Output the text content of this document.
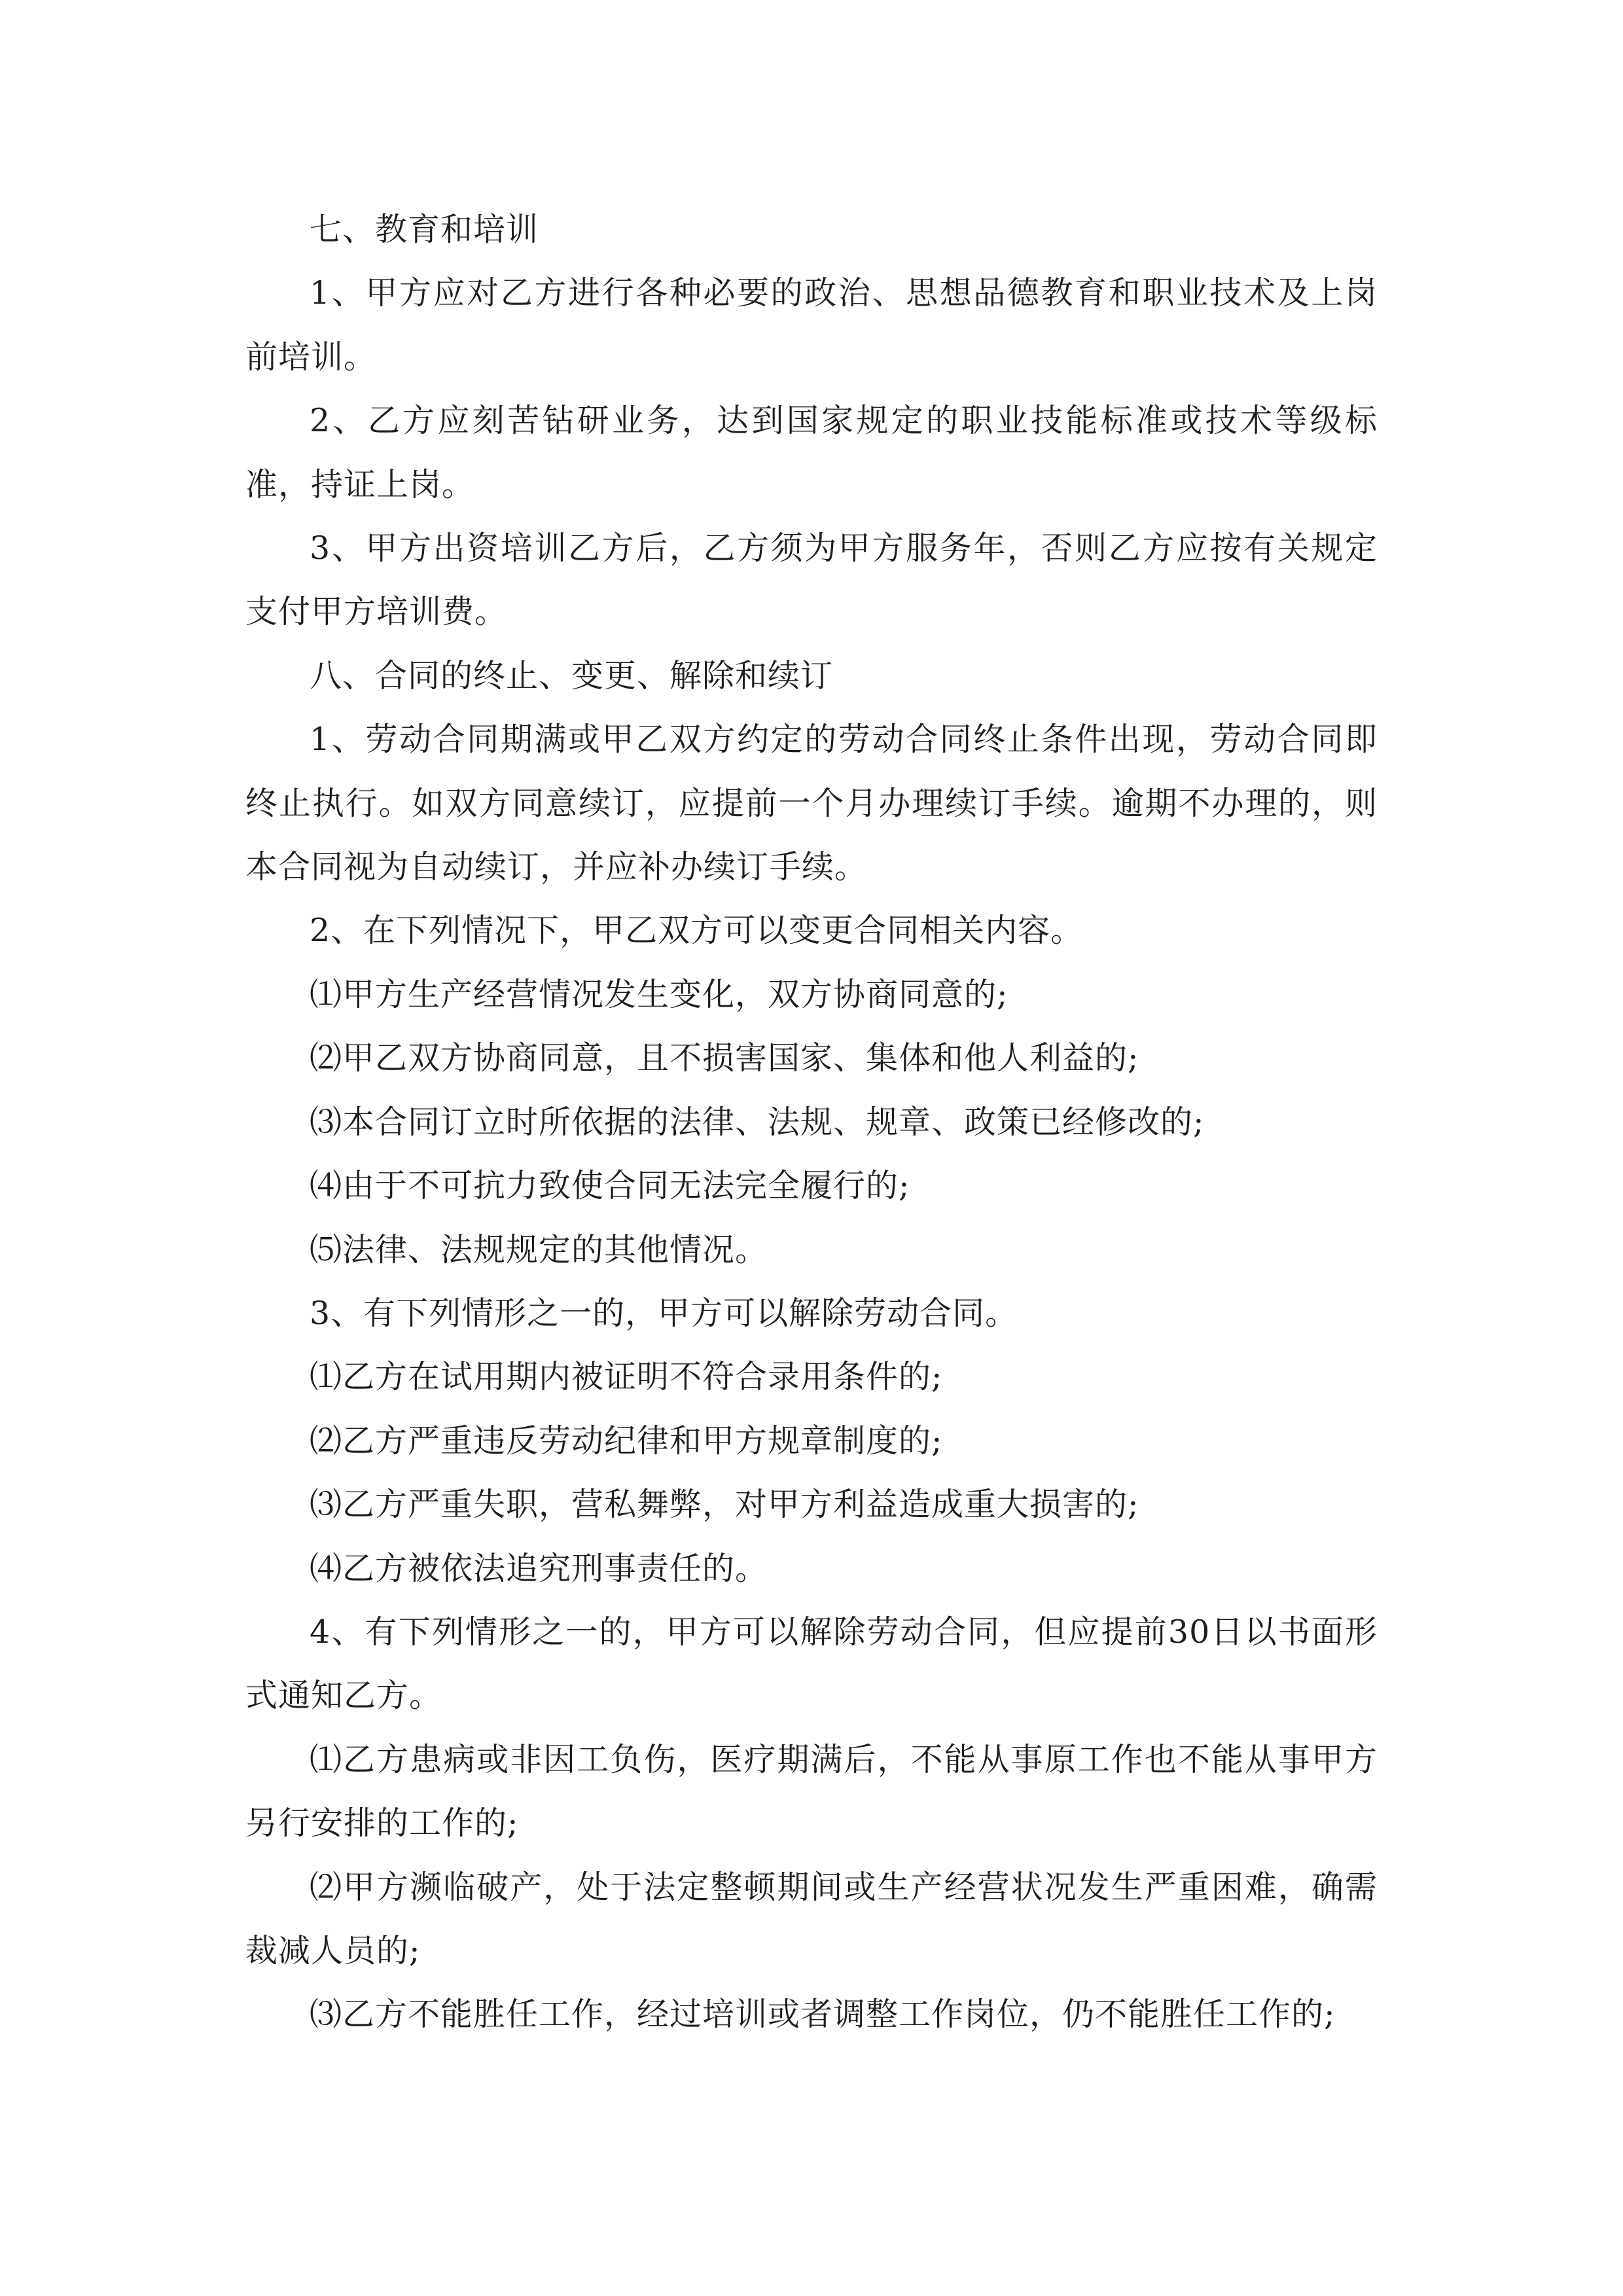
七、教育和培训

1、甲方应对乙方进行各种必要的政治、思想品德教育和职业技术及上岗前培训。

2、乙方应刻苦钻研业务，达到国家规定的职业技能标准或技术等级标准，持证上岗。

3、甲方出资培训乙方后，乙方须为甲方服务年，否则乙方应按有关规定支付甲方培训费。

八、合同的终止、变更、解除和续订

1、劳动合同期满或甲乙双方约定的劳动合同终止条件出现，劳动合同即终止执行。如双方同意续订，应提前一个月办理续订手续。逾期不办理的，则本合同视为自动续订，并应补办续订手续。

2、在下列情况下，甲乙双方可以变更合同相关内容。

⑴甲方生产经营情况发生变化，双方协商同意的;

⑵甲乙双方协商同意，且不损害国家、集体和他人利益的;

⑶本合同订立时所依据的法律、法规、规章、政策已经修改的;

⑷由于不可抗力致使合同无法完全履行的;

⑸法律、法规规定的其他情况。

3、有下列情形之一的，甲方可以解除劳动合同。

⑴乙方在试用期内被证明不符合录用条件的;

⑵乙方严重违反劳动纪律和甲方规章制度的;

⑶乙方严重失职，营私舞弊，对甲方利益造成重大损害的;

⑷乙方被依法追究刑事责任的。

4、有下列情形之一的，甲方可以解除劳动合同，但应提前30日以书面形式通知乙方。

⑴乙方患病或非因工负伤，医疗期满后，不能从事原工作也不能从事甲方另行安排的工作的;

⑵甲方濒临破产，处于法定整顿期间或生产经营状况发生严重困难，确需裁减人员的;

⑶乙方不能胜任工作，经过培训或者调整工作岗位，仍不能胜任工作的;
